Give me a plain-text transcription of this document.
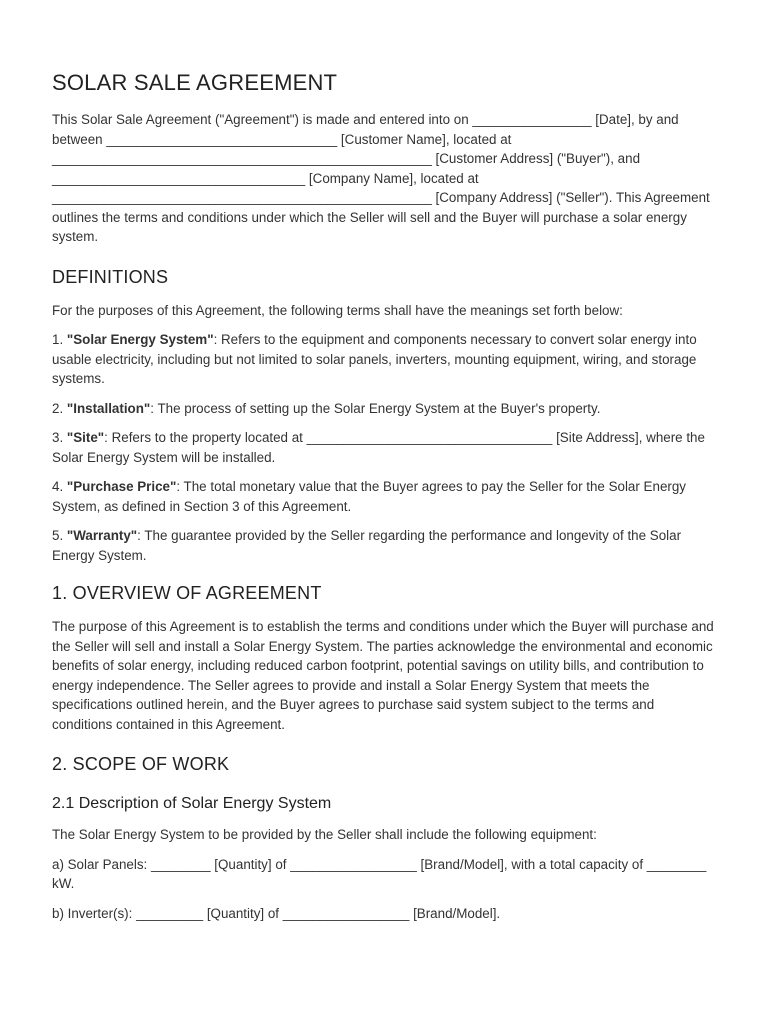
SOLAR SALE AGREEMENT

This Solar Sale Agreement ("Agreement") is made and entered into on ________________ [Date], by and between _______________________________ [Customer Name], located at ___________________________________________________ [Customer Address] ("Buyer"), and __________________________________ [Company Name], located at ___________________________________________________ [Company Address] ("Seller"). This Agreement outlines the terms and conditions under which the Seller will sell and the Buyer will purchase a solar energy system.

DEFINITIONS

For the purposes of this Agreement, the following terms shall have the meanings set forth below:

1. "Solar Energy System": Refers to the equipment and components necessary to convert solar energy into usable electricity, including but not limited to solar panels, inverters, mounting equipment, wiring, and storage systems.

2. "Installation": The process of setting up the Solar Energy System at the Buyer's property.

3. "Site": Refers to the property located at _________________________________ [Site Address], where the Solar Energy System will be installed.

4. "Purchase Price": The total monetary value that the Buyer agrees to pay the Seller for the Solar Energy System, as defined in Section 3 of this Agreement.

5. "Warranty": The guarantee provided by the Seller regarding the performance and longevity of the Solar Energy System.

1. OVERVIEW OF AGREEMENT

The purpose of this Agreement is to establish the terms and conditions under which the Buyer will purchase and the Seller will sell and install a Solar Energy System. The parties acknowledge the environmental and economic benefits of solar energy, including reduced carbon footprint, potential savings on utility bills, and contribution to energy independence. The Seller agrees to provide and install a Solar Energy System that meets the specifications outlined herein, and the Buyer agrees to purchase said system subject to the terms and conditions contained in this Agreement.

2. SCOPE OF WORK
2.1 Description of Solar Energy System

The Solar Energy System to be provided by the Seller shall include the following equipment:

a) Solar Panels: ________ [Quantity] of _________________ [Brand/Model], with a total capacity of ________ kW.

b) Inverter(s): _________ [Quantity] of _________________ [Brand/Model].
